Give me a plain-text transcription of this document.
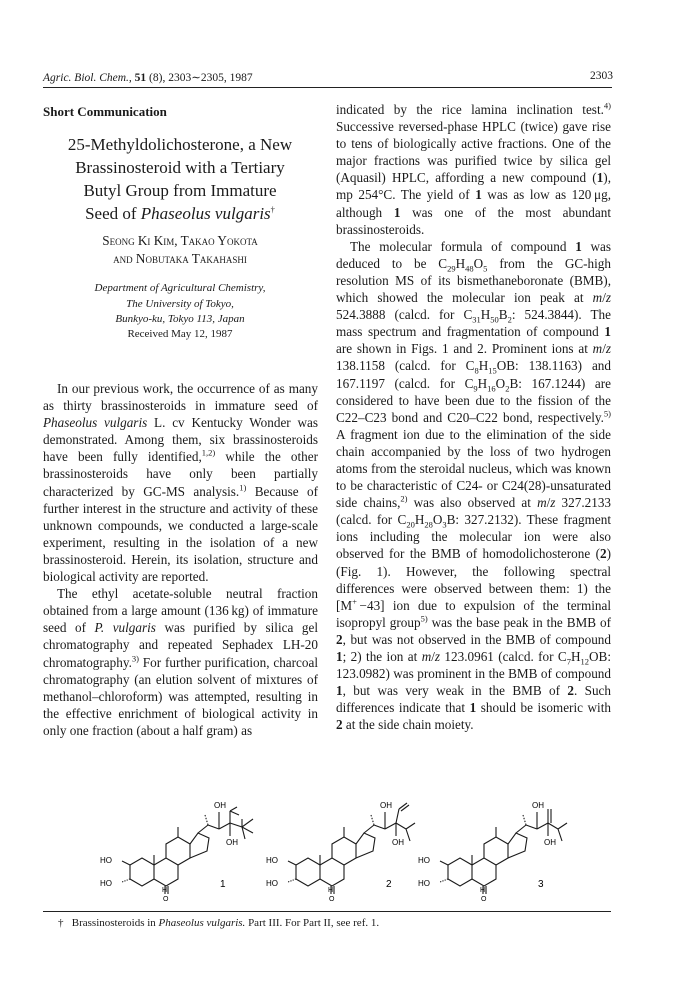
Agric. Biol. Chem., 51 (8), 2303∼2305, 1987	2303
Short Communication
25-Methyldolichosterone, a New
Brassinosteroid with a Tertiary
Butyl Group from Immature
Seed of Phaseolus vulgaris†
Seong Ki Kim, Takao Yokota
and Nobutaka Takahashi
Department of Agricultural Chemistry,
The University of Tokyo,
Bunkyo-ku, Tokyo 113, Japan
Received May 12, 1987

In our previous work, the occurrence of as many as thirty brassinosteroids in immature seed of Phaseolus vulgaris L. cv Kentucky Wonder was demonstrated. Among them, six brassinosteroids have been fully identified,$^{1,2)}$ while the other brassinosteroids have only been partially characterized by GC-MS analysis.$^{1)}$ Because of further interest in the structure and activity of these unknown compounds, we conducted a large-scale experiment, resulting in the isolation of a new brassinosteroid. Herein, its isolation, structure and biological activity are reported.

The ethyl acetate-soluble neutral fraction obtained from a large amount (136 kg) of immature seed of P. vulgaris was purified by silica gel chromatography and repeated Sephadex LH-20 chromatography.$^{3)}$ For further purification, charcoal chromatography (an elution solvent of mixtures of methanol–chloroform) was attempted, resulting in the effective enrichment of biological activity in only one fraction (about a half gram) as

indicated by the rice lamina inclination test.$^{4)}$ Successive reversed-phase HPLC (twice) gave rise to tens of biologically active fractions. One of the major fractions was purified twice by silica gel (Aquasil) HPLC, affording a new compound (1), mp 254°C. The yield of 1 was as low as 120 μg, although 1 was one of the most abundant brassinosteroids.

The molecular formula of compound 1 was deduced to be $C_{29}H_{48}O_5$ from the GC-high resolution MS of its bismethaneboronate (BMB), which showed the molecular ion peak at m/z 524.3888 (calcd. for $C_{31}H_{50}B_2$: 524.3844). The mass spectrum and fragmentation of compound 1 are shown in Figs. 1 and 2. Prominent ions at m/z 138.1158 (calcd. for $C_8H_{15}OB$: 138.1163) and 167.1197 (calcd. for $C_9H_{16}O_2B$: 167.1244) are considered to have been due to the fission of the C22–C23 bond and C20–C22 bond, respectively.$^{5)}$ A fragment ion due to the elimination of the side chain accompanied by the loss of two hydrogen atoms from the steroidal nucleus, which was known to be characteristic of C24- or C24(28)-unsaturated side chains,$^{2)}$ was also observed at m/z 327.2133 (calcd. for $C_{20}H_{28}O_3B$: 327.2132). These fragment ions including the molecular ion were also observed for the BMB of homodolichosterone (2) (Fig. 1). However, the following spectral differences were observed between them: 1) the [M+ −43] ion due to expulsion of the terminal isopropyl group$^{5)}$ was the base peak in the BMB of 2, but was not observed in the BMB of compound 1; 2) the ion at m/z 123.0961 (calcd. for $C_7H_{12}OB$: 123.0982) was prominent in the BMB of compound 1, but was very weak in the BMB of 2. Such differences indicate that 1 should be isomeric with 2 at the side chain moiety.

OH
OH
HO
HO
H
O
1
OH
OH
HO
HO
H
O
2
OH
OH
HO
HO
H
O
3
† Brassinosteroids in Phaseolus vulgaris. Part III. For Part II, see ref. 1.
